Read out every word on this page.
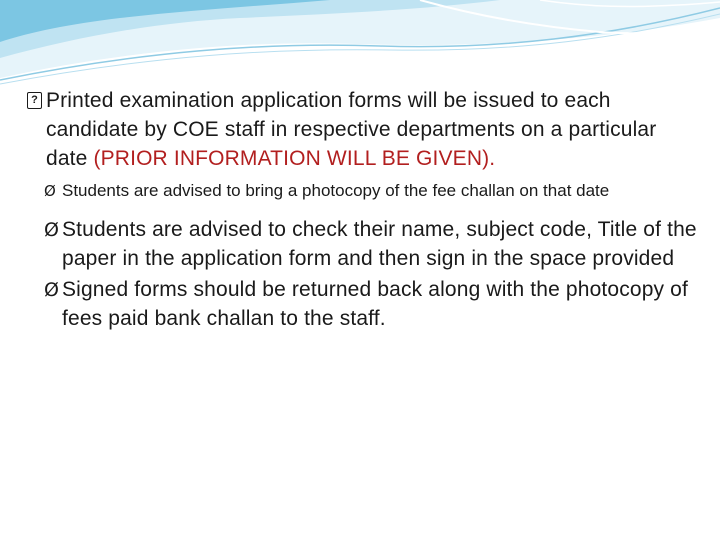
? Printed examination application forms will be issued to each candidate by COE staff in respective departments on a particular date (PRIOR INFORMATION WILL BE GIVEN).
Ø Students are advised to bring a photocopy of the fee challan on that date
Ø Students are advised to check their name, subject code, Title of the paper in the application form and then sign in the space provided
Ø Signed forms should be returned back along with the photocopy of fees paid bank challan to the staff.
